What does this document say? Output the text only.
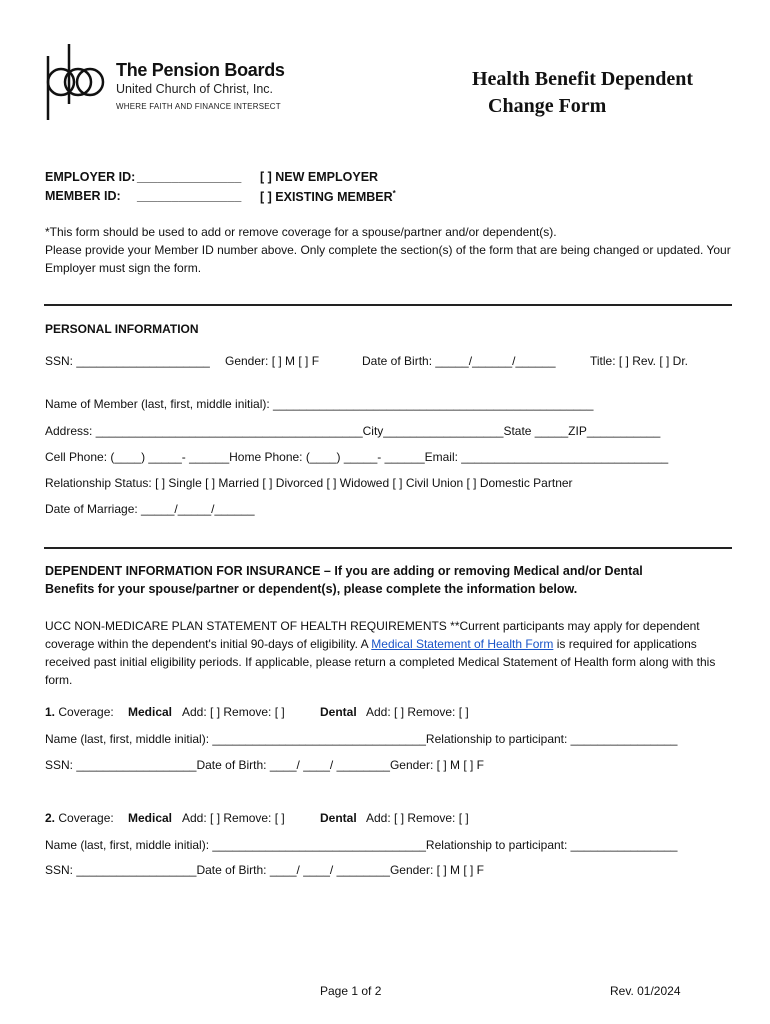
The Pension Boards
United Church of Christ, Inc.
WHERE FAITH AND FINANCE INTERSECT
Health Benefit Dependent
Change Form
EMPLOYER ID: _______________ [ ] NEW EMPLOYER
MEMBER ID: _______________ [ ] EXISTING MEMBER*
*This form should be used to add or remove coverage for a spouse/partner and/or dependent(s).
Please provide your Member ID number above. Only complete the section(s) of the form that are being changed or updated. Your Employer must sign the form.
PERSONAL INFORMATION
SSN: ____________________ Gender: [ ] M [ ] F	Date of Birth: _____/______/______	Title: [ ] Rev. [ ] Dr.
Name of Member (last, first, middle initial): ________________________________________________
Address: ________________________________________City__________________State _____ZIP___________
Cell Phone: (____) _____- ______Home Phone: (____) _____- ______Email: _______________________________
Relationship Status: [ ] Single [ ] Married [ ] Divorced [ ] Widowed [ ] Civil Union [ ] Domestic Partner
Date of Marriage: _____/_____/______
DEPENDENT INFORMATION FOR INSURANCE – If you are adding or removing Medical and/or Dental
Benefits for your spouse/partner or dependent(s), please complete the information below.
UCC NON-MEDICARE PLAN STATEMENT OF HEALTH REQUIREMENTS **Current participants may apply for dependent coverage within the dependent's initial 90-days of eligibility. A Medical Statement of Health Form is required for applications received past initial eligibility periods. If applicable, please return a completed Medical Statement of Health form along with this form.
1. Coverage: Medical Add: [ ] Remove: [ ]	Dental Add: [ ] Remove: [ ]
Name (last, first, middle initial): ________________________________Relationship to participant: ________________
SSN: __________________Date of Birth: ____/ ____/ ________Gender: [ ] M [ ] F
2. Coverage: Medical Add: [ ] Remove: [ ]	Dental Add: [ ] Remove: [ ]
Name (last, first, middle initial): ________________________________Relationship to participant: ________________
SSN: __________________Date of Birth: ____/ ____/ ________Gender: [ ] M [ ] F
Page 1 of 2	Rev. 01/2024
